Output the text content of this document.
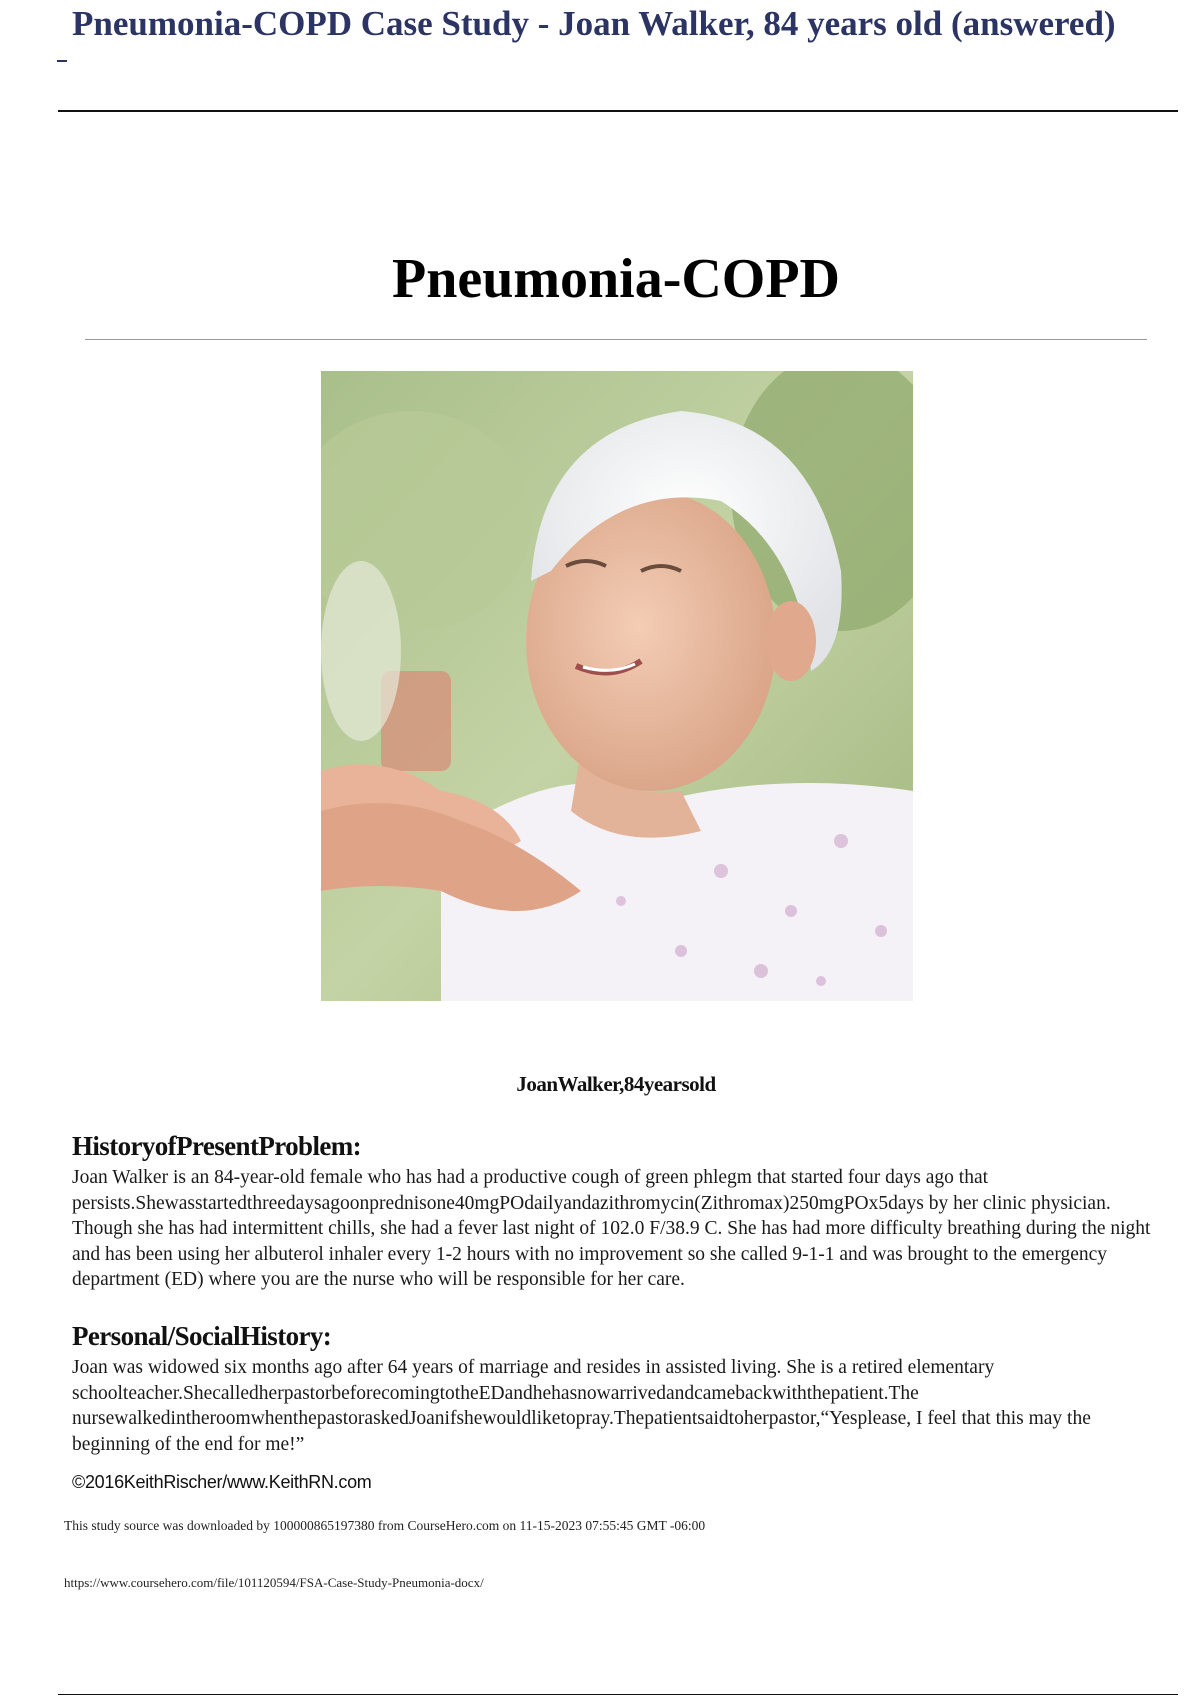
Pneumonia-COPD Case Study - Joan Walker, 84 years old (answered)
Pneumonia-COPD

JoanWalker,84yearsold

HistoryofPresentProblem:

Joan Walker is an 84-year-old female who has had a productive cough of green phlegm that started four days ago that persists.Shewasstartedthreedaysagoonprednisone40mgPOdailyandazithromycin(Zithromax)250mgPOx5days by her clinic physician. Though she has had intermittent chills, she had a fever last night of 102.0 F/38.9 C. She has had more difficulty breathing during the night and has been using her albuterol inhaler every 1-2 hours with no improvement so she called 9-1-1 and was brought to the emergency department (ED) where you are the nurse who will be responsible for her care.

Personal/SocialHistory:

Joan was widowed six months ago after 64 years of marriage and resides in assisted living. She is a retired elementary schoolteacher.ShecalledherpastorbeforecomingtotheEDandhehasnowarrivedandcamebackwiththepatient.The nursewalkedintheroomwhenthepastoraskedJoanifshewouldliketopray.Thepatientsaidtoherpastor,“Yesplease, I feel that this may the beginning of the end for me!”

©2016KeithRischer/www.KeithRN.com

This study source was downloaded by 100000865197380 from CourseHero.com on 11-15-2023 07:55:45 GMT -06:00

https://www.coursehero.com/file/101120594/FSA-Case-Study-Pneumonia-docx/
